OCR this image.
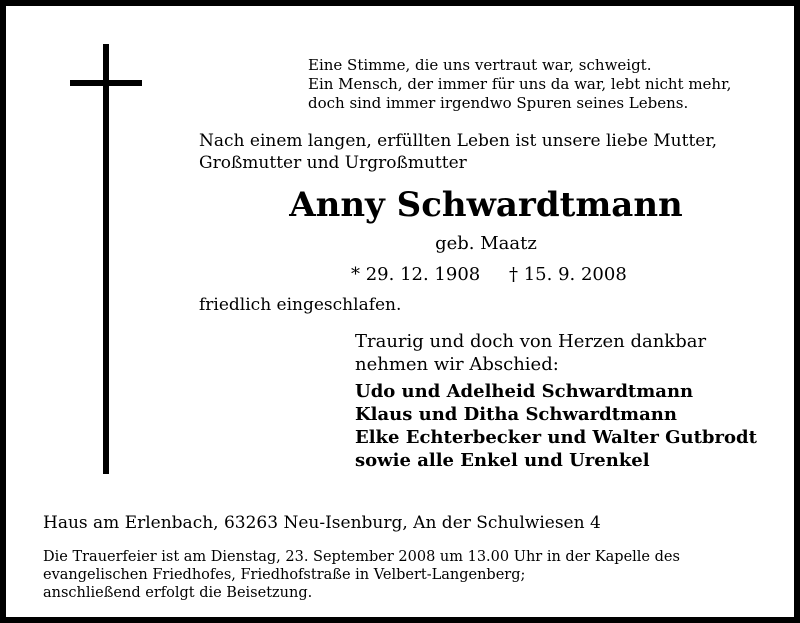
Eine Stimme, die uns vertraut war, schweigt.
Ein Mensch, der immer für uns da war, lebt nicht mehr,
doch sind immer irgendwo Spuren seines Lebens.
Nach einem langen, erfüllten Leben ist unsere liebe Mutter,
Großmutter und Urgroßmutter
Anny Schwardtmann
geb. Maatz
* 29. 12. 1908 † 15. 9. 2008
friedlich eingeschlafen.
Traurig und doch von Herzen dankbar
nehmen wir Abschied:
Udo und Adelheid Schwardtmann
Klaus und Ditha Schwardtmann
Elke Echterbecker und Walter Gutbrodt
sowie alle Enkel und Urenkel
Haus am Erlenbach, 63263 Neu-Isenburg, An der Schulwiesen 4
Die Trauerfeier ist am Dienstag, 23. September 2008 um 13.00 Uhr in der Kapelle des
evangelischen Friedhofes, Friedhofstraße in Velbert-Langenberg;
anschließend erfolgt die Beisetzung.
